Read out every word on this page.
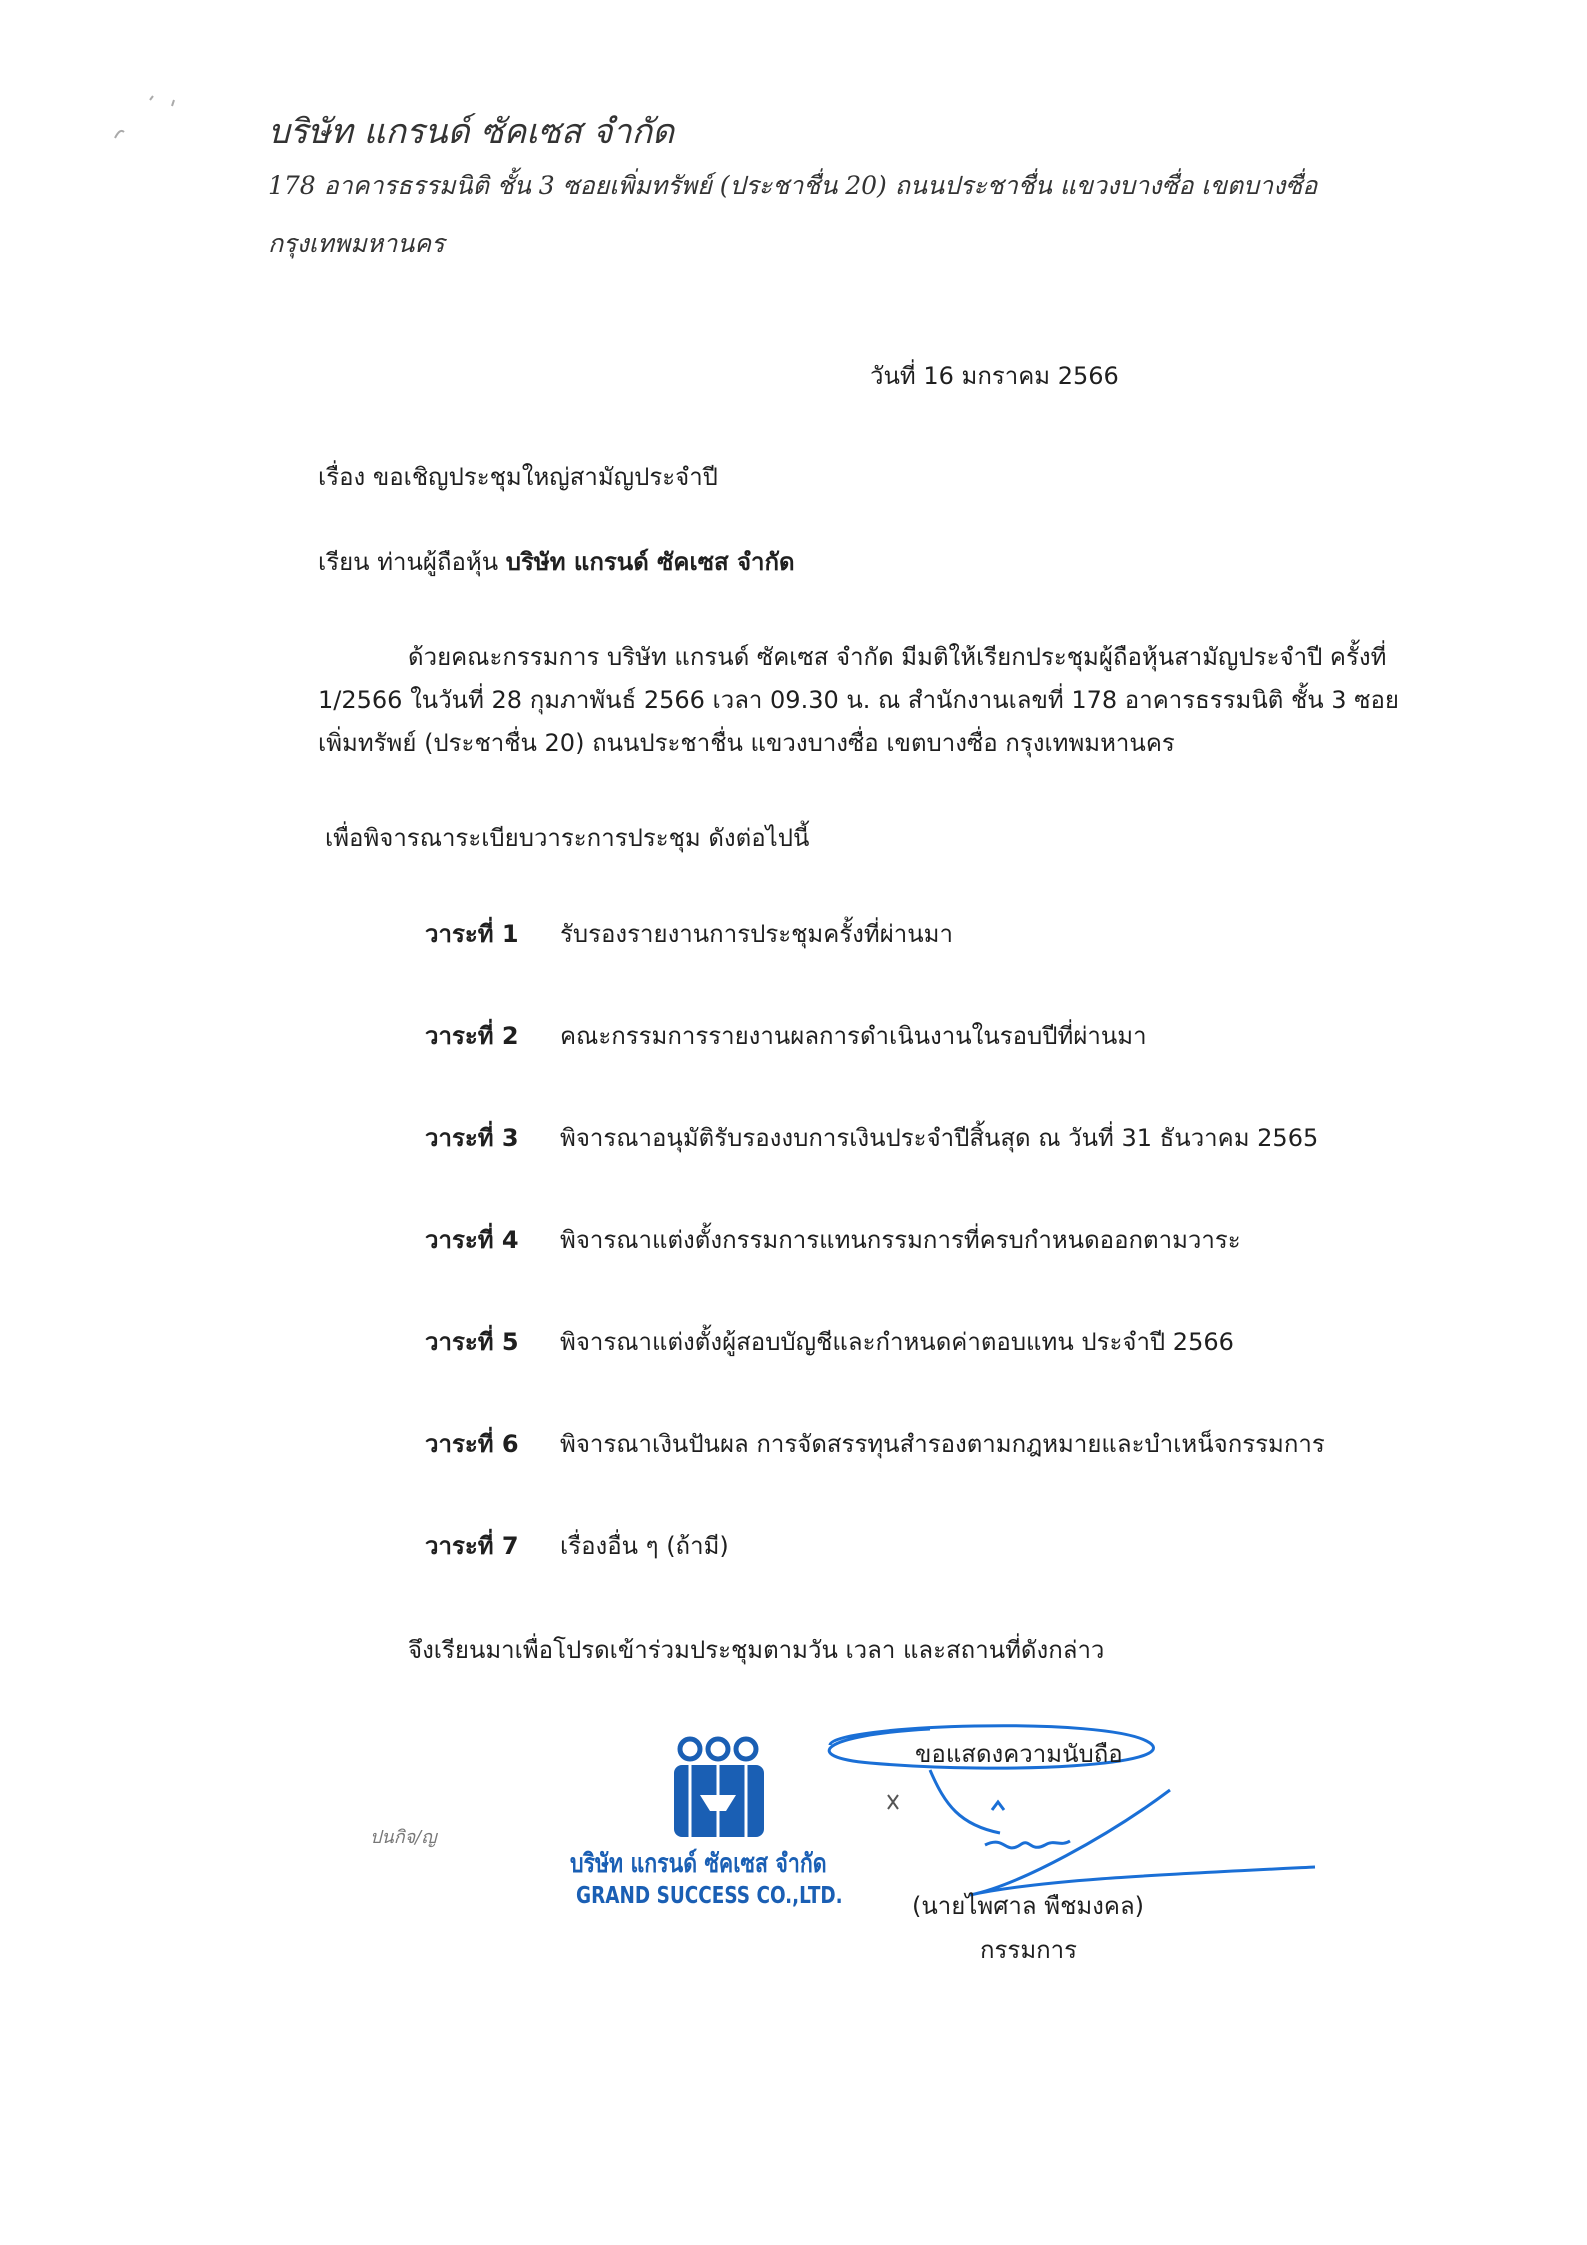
บริษัท แกรนด์ ซัคเซส จำกัด
178 อาคารธรรมนิติ ชั้น 3 ซอยเพิ่มทรัพย์ (ประชาชื่น 20) ถนนประชาชื่น แขวงบางซื่อ เขตบางซื่อ
กรุงเทพมหานคร
วันที่ 16 มกราคม 2566
เรื่อง ขอเชิญประชุมใหญ่สามัญประจำปี
เรียน ท่านผู้ถือหุ้น บริษัท แกรนด์ ซัคเซส จำกัด
ด้วยคณะกรรมการ บริษัท แกรนด์ ซัคเซส จำกัด มีมติให้เรียกประชุมผู้ถือหุ้นสามัญประจำปี ครั้งที่ 1/2566 ในวันที่ 28 กุมภาพันธ์ 2566 เวลา 09.30 น. ณ สำนักงานเลขที่ 178 อาคารธรรมนิติ ชั้น 3 ซอยเพิ่มทรัพย์ (ประชาชื่น 20) ถนนประชาชื่น แขวงบางซื่อ เขตบางซื่อ กรุงเทพมหานคร
เพื่อพิจารณาระเบียบวาระการประชุม ดังต่อไปนี้
วาระที่ 1 รับรองรายงานการประชุมครั้งที่ผ่านมา
วาระที่ 2 คณะกรรมการรายงานผลการดำเนินงานในรอบปีที่ผ่านมา
วาระที่ 3 พิจารณาอนุมัติรับรองงบการเงินประจำปีสิ้นสุด ณ วันที่ 31 ธันวาคม 2565
วาระที่ 4 พิจารณาแต่งตั้งกรรมการแทนกรรมการที่ครบกำหนดออกตามวาระ
วาระที่ 5 พิจารณาแต่งตั้งผู้สอบบัญชีและกำหนดค่าตอบแทน ประจำปี 2566
วาระที่ 6 พิจารณาเงินปันผล การจัดสรรทุนสำรองตามกฎหมายและบำเหน็จกรรมการ
วาระที่ 7 เรื่องอื่น ๆ (ถ้ามี)
จึงเรียนมาเพื่อโปรดเข้าร่วมประชุมตามวัน เวลา และสถานที่ดังกล่าว
ปนกิจ/ญ
บริษัท แกรนด์ ซัคเซส จำกัด
GRAND SUCCESS CO.,LTD.
ขอแสดงความนับถือ
(นายไพศาล พืชมงคล)
กรรมการ
